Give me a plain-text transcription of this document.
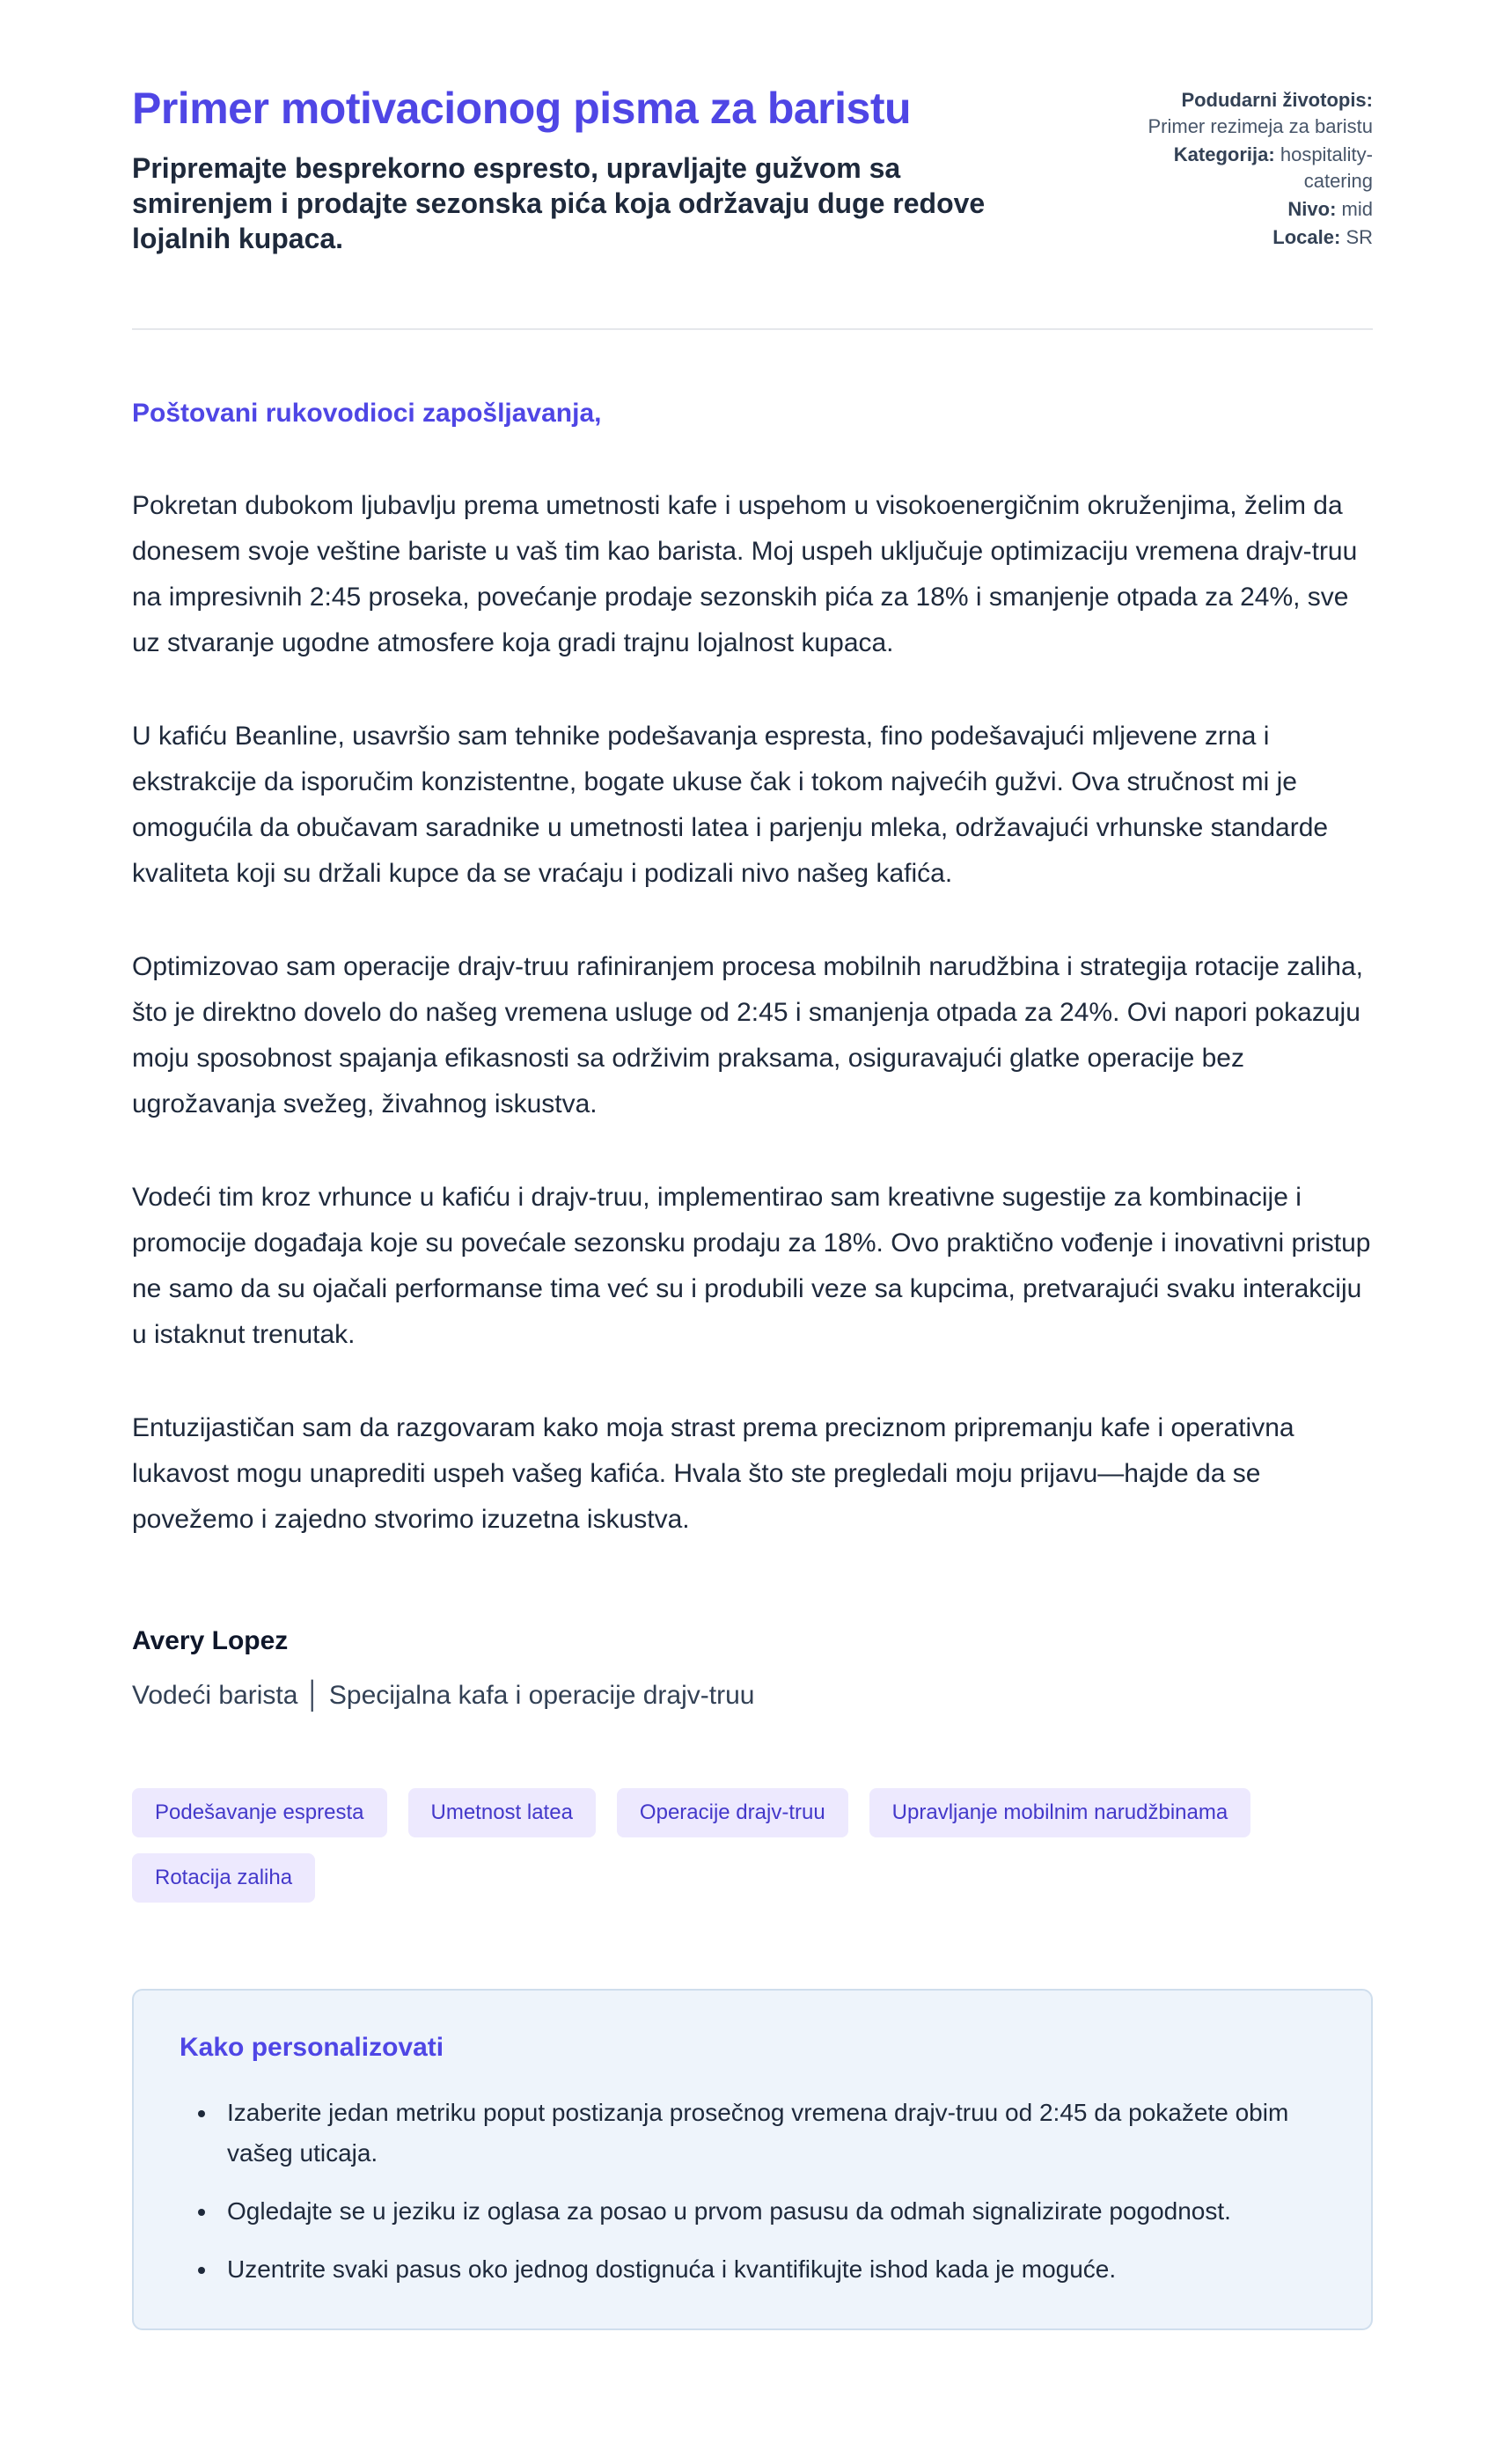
Primer motivacionog pisma za baristu

Pripremajte besprekorno espresto, upravljajte gužvom sa smirenjem i prodajte sezonska pića koja održavaju duge redove lojalnih kupaca.

Podudarni životopis: Primer rezimeja za baristu
Kategorija: hospitality-catering
Nivo: mid
Locale: SR

Poštovani rukovodioci zapošljavanja,

Pokretan dubokom ljubavlju prema umetnosti kafe i uspehom u visokoenergičnim okruženjima, želim da donesem svoje veštine bariste u vaš tim kao barista. Moj uspeh uključuje optimizaciju vremena drajv-truu na impresivnih 2:45 proseka, povećanje prodaje sezonskih pića za 18% i smanjenje otpada za 24%, sve uz stvaranje ugodne atmosfere koja gradi trajnu lojalnost kupaca.

U kafiću Beanline, usavršio sam tehnike podešavanja espresta, fino podešavajući mljevene zrna i ekstrakcije da isporučim konzistentne, bogate ukuse čak i tokom najvećih gužvi. Ova stručnost mi je omogućila da obučavam saradnike u umetnosti latea i parjenju mleka, održavajući vrhunske standarde kvaliteta koji su držali kupce da se vraćaju i podizali nivo našeg kafića.

Optimizovao sam operacije drajv-truu rafiniranjem procesa mobilnih narudžbina i strategija rotacije zaliha, što je direktno dovelo do našeg vremena usluge od 2:45 i smanjenja otpada za 24%. Ovi napori pokazuju moju sposobnost spajanja efikasnosti sa održivim praksama, osiguravajući glatke operacije bez ugrožavanja svežeg, živahnog iskustva.

Vodeći tim kroz vrhunce u kafiću i drajv-truu, implementirao sam kreativne sugestije za kombinacije i promocije događaja koje su povećale sezonsku prodaju za 18%. Ovo praktično vođenje i inovativni pristup ne samo da su ojačali performanse tima već su i produbili veze sa kupcima, pretvarajući svaku interakciju u istaknut trenutak.

Entuzijastičan sam da razgovaram kako moja strast prema preciznom pripremanju kafe i operativna lukavost mogu unaprediti uspeh vašeg kafića. Hvala što ste pregledali moju prijavu—hajde da se povežemo i zajedno stvorimo izuzetna iskustva.

Avery Lopez

Vodeći barista │ Specijalna kafa i operacije drajv-truu

Podešavanje espresta	Umetnost latea	Operacije drajv-truu	Upravljanje mobilnim narudžbinama
Rotacija zaliha
Kako personalizovati
• Izaberite jedan metriku poput postizanja prosečnog vremena drajv-truu od 2:45 da pokažete obim vašeg uticaja.
• Ogledajte se u jeziku iz oglasa za posao u prvom pasusu da odmah signalizirate pogodnost.
• Uzentrite svaki pasus oko jednog dostignuća i kvantifikujte ishod kada je moguće.
